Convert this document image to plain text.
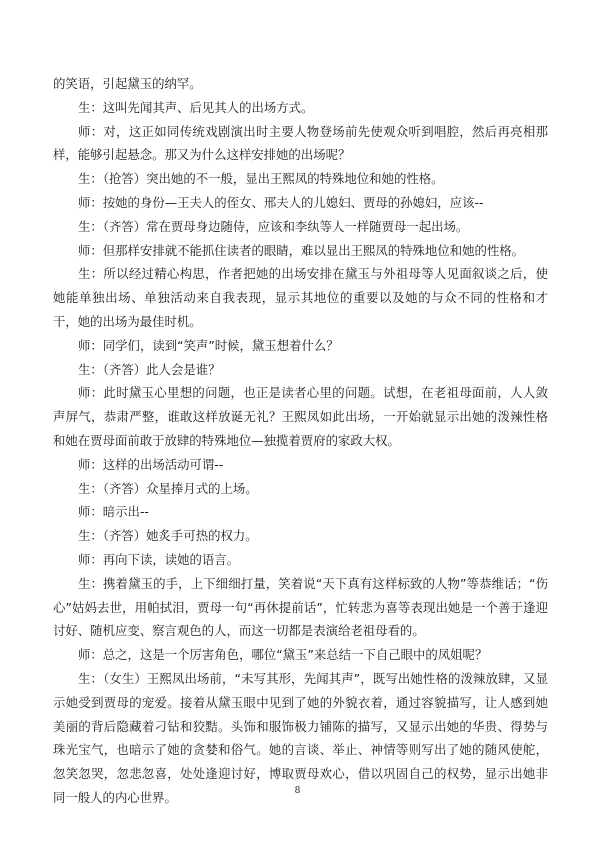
的笑语，引起黛玉的纳罕。

生：这叫先闻其声、后见其人的出场方式。

师：对，这正如同传统戏剧演出时主要人物登场前先使观众听到唱腔，然后再亮相那样，能够引起悬念。那又为什么这样安排她的出场呢？

生：（抢答）突出她的不一般，显出王熙凤的特殊地位和她的性格。

师：按她的身份—王夫人的侄女、邢夫人的儿媳妇、贾母的孙媳妇，应该--

生：（齐答）常在贾母身边随侍，应该和李纨等人一样随贾母一起出场。

师：但那样安排就不能抓住读者的眼睛，难以显出王熙凤的特殊地位和她的性格。

生：所以经过精心构思，作者把她的出场安排在黛玉与外祖母等人见面叙谈之后，使她能单独出场、单独活动来自我表现，显示其地位的重要以及她的与众不同的性格和才干，她的出场为最佳时机。

师：同学们，读到“笑声”时候，黛玉想着什么？

生：（齐答）此人会是谁？

师：此时黛玉心里想的问题，也正是读者心里的问题。试想，在老祖母面前，人人敛声屏气，恭肃严整，谁敢这样放诞无礼？王熙凤如此出场，一开始就显示出她的泼辣性格和她在贾母面前敢于放肆的特殊地位—独揽着贾府的家政大权。

师：这样的出场活动可谓--

生：（齐答）众星捧月式的上场。

师：暗示出--

生：（齐答）她炙手可热的权力。

师：再向下读，读她的语言。

生：携着黛玉的手，上下细细打量，笑着说“天下真有这样标致的人物”等恭维话；“伤心”姑妈去世，用帕拭泪，贾母一句“再休提前话”，忙转悲为喜等表现出她是一个善于逢迎讨好、随机应变、察言观色的人，而这一切都是表演给老祖母看的。

师：总之，这是一个厉害角色，哪位“黛玉”来总结一下自己眼中的凤姐呢？

生：（女生）王熙凤出场前，“未写其形，先闻其声”，既写出她性格的泼辣放肆，又显示她受到贾母的宠爱。接着从黛玉眼中见到了她的外貌衣着，通过容貌描写，让人感到她美丽的背后隐藏着刁钻和狡黠。头饰和服饰极力铺陈的描写，又显示出她的华贵、得势与珠光宝气，也暗示了她的贪婪和俗气。她的言谈、举止、神情等则写出了她的随风使舵，忽笑忽哭，忽悲忽喜，处处逢迎讨好，博取贾母欢心，借以巩固自己的权势，显示出她非同一般人的内心世界。	8
